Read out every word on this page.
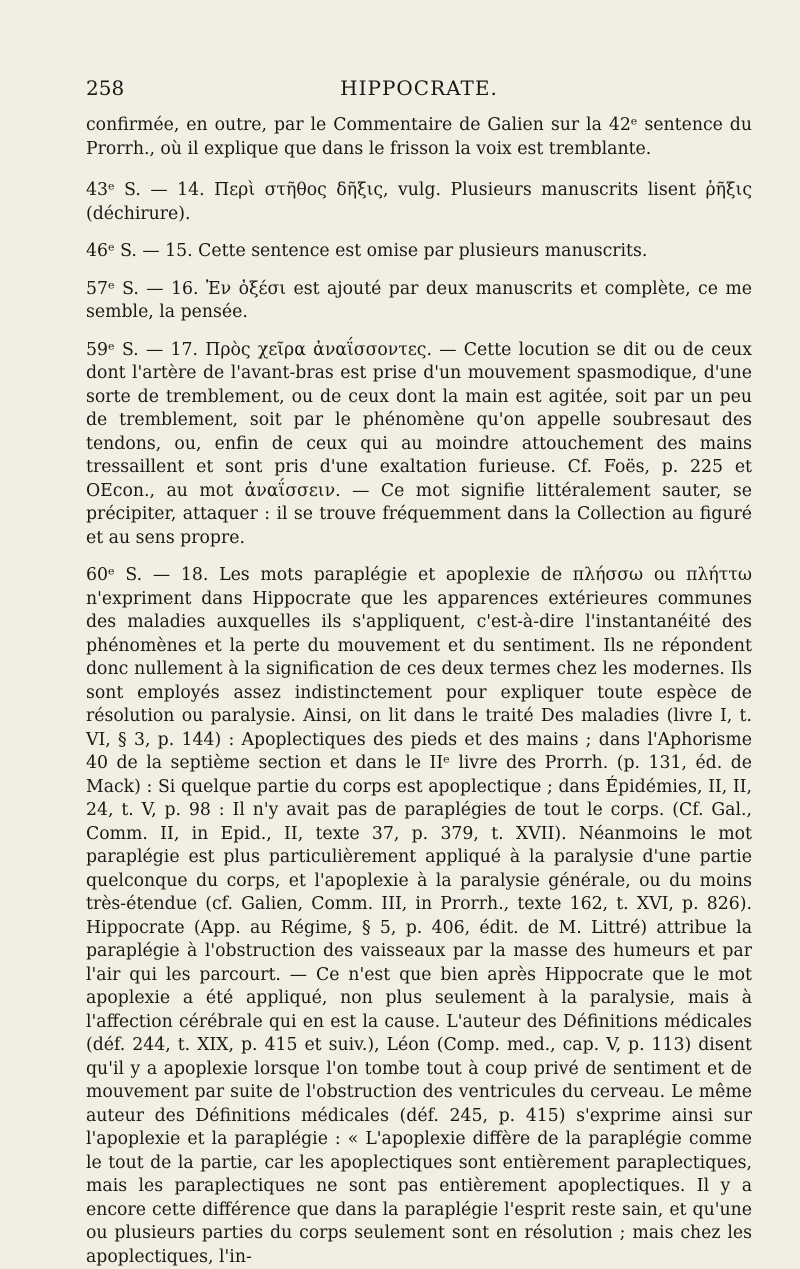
258	HIPPOCRATE.

confirmée, en outre, par le Commentaire de Galien sur la 42ᵉ sentence du Prorrh., où il explique que dans le frisson la voix est tremblante.

43ᵉ S. — 14. Περὶ στῆθος δῆξις, vulg. Plusieurs manuscrits lisent ῥῆξις (déchirure).

46ᵉ S. — 15. Cette sentence est omise par plusieurs manuscrits.

57ᵉ S. — 16. Ἐν ὀξέσι est ajouté par deux manuscrits et complète, ce me semble, la pensée.

59ᵉ S. — 17. Πρὸς χεῖρα ἀναΐσσοντες. — Cette locution se dit ou de ceux dont l'artère de l'avant-bras est prise d'un mouvement spasmodique, d'une sorte de tremblement, ou de ceux dont la main est agitée, soit par un peu de tremblement, soit par le phénomène qu'on appelle soubresaut des tendons, ou, enfin de ceux qui au moindre attouchement des mains tressaillent et sont pris d'une exaltation furieuse. Cf. Foës, p. 225 et OEcon., au mot ἀναΐσσειν. — Ce mot signifie littéralement sauter, se précipiter, attaquer : il se trouve fréquemment dans la Collection au figuré et au sens propre.

60ᵉ S. — 18. Les mots paraplégie et apoplexie de πλήσσω ou πλήττω n'expriment dans Hippocrate que les apparences extérieures communes des maladies auxquelles ils s'appliquent, c'est-à-dire l'instantanéité des phénomènes et la perte du mouvement et du sentiment. Ils ne répondent donc nullement à la signification de ces deux termes chez les modernes. Ils sont employés assez indistinctement pour expliquer toute espèce de résolution ou paralysie. Ainsi, on lit dans le traité Des maladies (livre I, t. VI, § 3, p. 144) : Apoplectiques des pieds et des mains ; dans l'Aphorisme 40 de la septième section et dans le IIᵉ livre des Prorrh. (p. 131, éd. de Mack) : Si quelque partie du corps est apoplectique ; dans Épidémies, II, II, 24, t. V, p. 98 : Il n'y avait pas de paraplégies de tout le corps. (Cf. Gal., Comm. II, in Epid., II, texte 37, p. 379, t. XVII). Néanmoins le mot paraplégie est plus particulièrement appliqué à la paralysie d'une partie quelconque du corps, et l'apoplexie à la paralysie générale, ou du moins très-étendue (cf. Galien, Comm. III, in Prorrh., texte 162, t. XVI, p. 826). Hippocrate (App. au Régime, § 5, p. 406, édit. de M. Littré) attribue la paraplégie à l'obstruction des vaisseaux par la masse des humeurs et par l'air qui les parcourt. — Ce n'est que bien après Hippocrate que le mot apoplexie a été appliqué, non plus seulement à la paralysie, mais à l'affection cérébrale qui en est la cause. L'auteur des Définitions médicales (déf. 244, t. XIX, p. 415 et suiv.), Léon (Comp. med., cap. V, p. 113) disent qu'il y a apoplexie lorsque l'on tombe tout à coup privé de sentiment et de mouvement par suite de l'obstruction des ventricules du cerveau. Le même auteur des Définitions médicales (déf. 245, p. 415) s'exprime ainsi sur l'apoplexie et la paraplégie : « L'apoplexie diffère de la paraplégie comme le tout de la partie, car les apoplectiques sont entièrement paraplectiques, mais les paraplectiques ne sont pas entièrement apoplectiques. Il y a encore cette différence que dans la paraplégie l'esprit reste sain, et qu'une ou plusieurs parties du corps seulement sont en résolution ; mais chez les apoplectiques, l'in-
